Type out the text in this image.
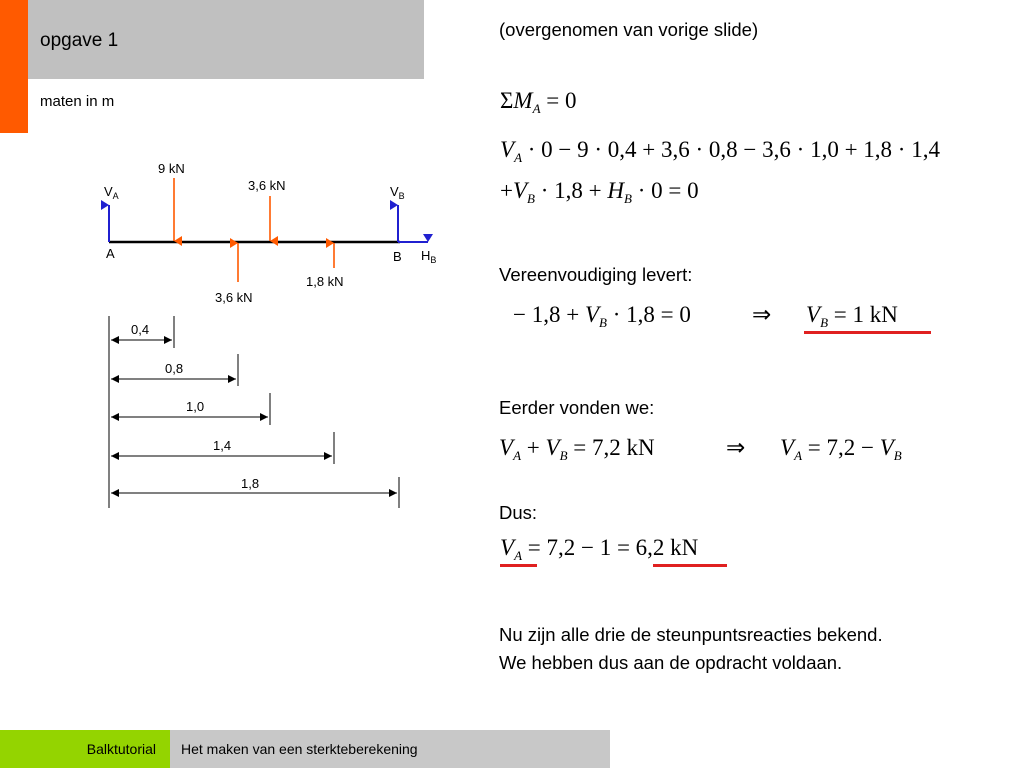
opgave 1
maten in m
$V_A$	$V_B$
$H_B$
A	B
9 kN
3,6 kN
3,6 kN
1,8 kN
0,4
0,8
1,0
1,4
1,8
(overgenomen van vorige slide)
$\Sigma M_A = 0$
$V_A \cdot 0 - 9 \cdot 0,4 + 3,6 \cdot 0,8 - 3,6 \cdot 1,0 + 1,8 \cdot 1,4$
$+V_B \cdot 1,8 + H_B \cdot 0 = 0$
Vereenvoudiging levert:
− $1,8 + V_B \cdot 1,8 = 0$	⇒ $V_B = 1$ kN
Eerder vonden we:
$V_A + V_B = 7,2$ kN	⇒ $V_A = 7,2 - V_B$
Dus:
$V_A = 7,2 - 1 = 6,2$ kN
Nu zijn alle drie de steunpuntsreacties bekend.
We hebben dus aan de opdracht voldaan.
Balktutorial Het maken van een sterkteberekening
